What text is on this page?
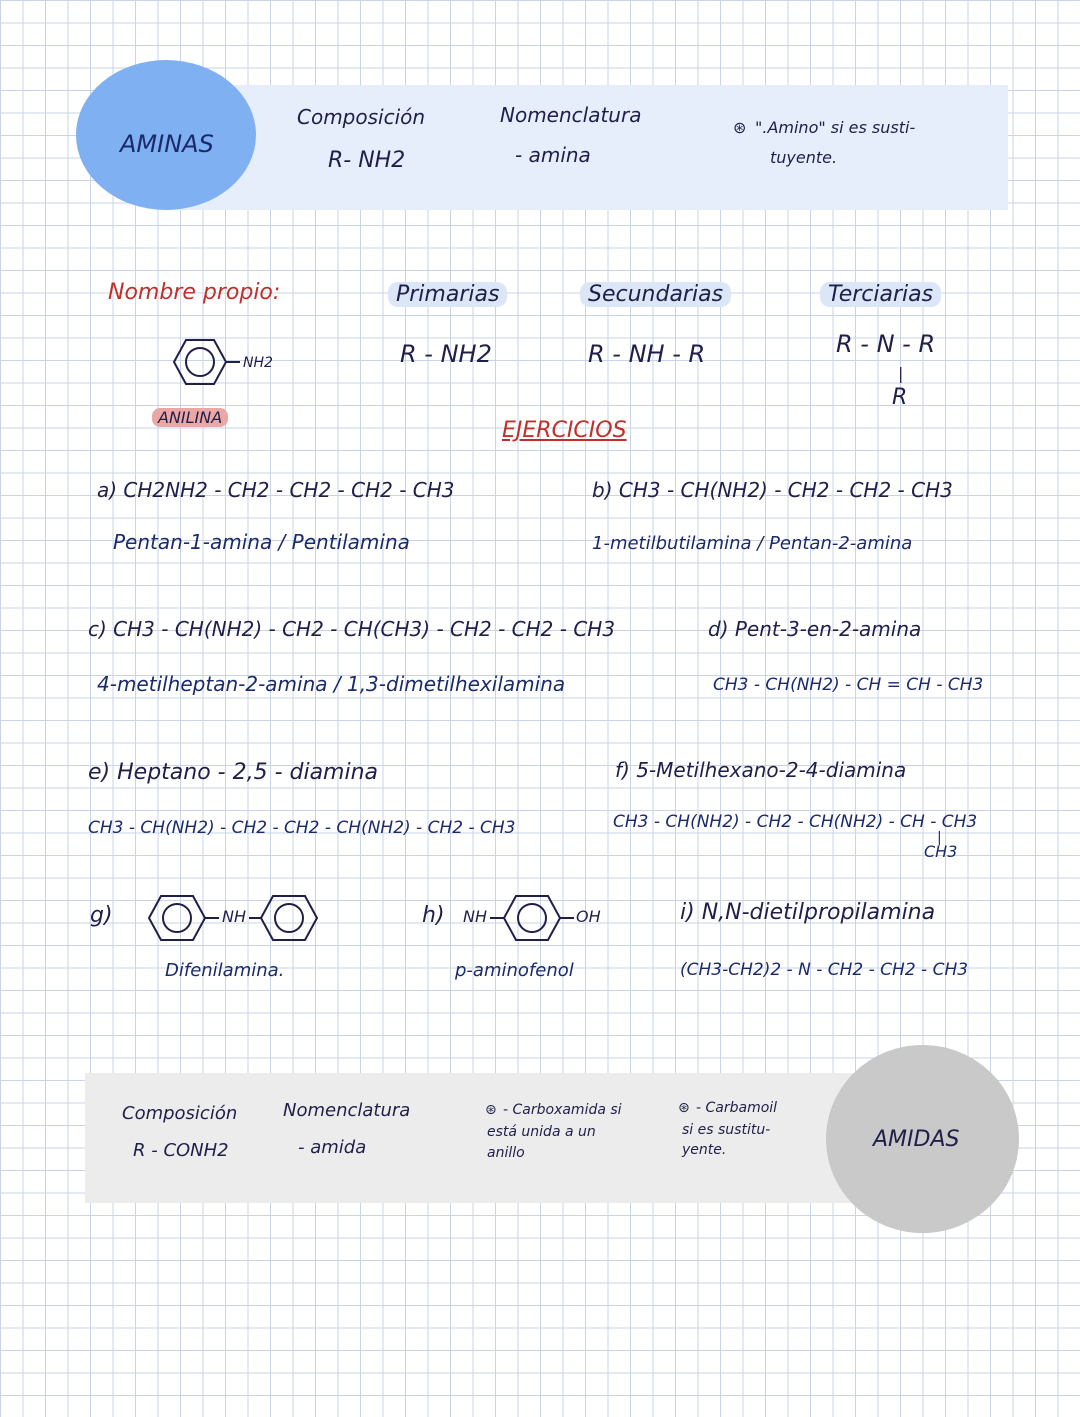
AMINAS
Composición
R- NH2
Nomenclatura
- amina
⊛ ".Amino" si es susti-
tuyente.
Nombre propio:
NH2
ANILINA
Primarias
R - NH2
Secundarias
R - NH - R
Terciarias
R - N - R
|
R
EJERCICIOS
a) CH2NH2 - CH2 - CH2 - CH2 - CH3
Pentan-1-amina / Pentilamina
b) CH3 - CH(NH2) - CH2 - CH2 - CH3
1-metilbutilamina / Pentan-2-amina
c) CH3 - CH(NH2) - CH2 - CH(CH3) - CH2 - CH2 - CH3
4-metilheptan-2-amina / 1,3-dimetilhexilamina
d) Pent-3-en-2-amina
CH3 - CH(NH2) - CH = CH - CH3
e) Heptano - 2,5 - diamina
CH3 - CH(NH2) - CH2 - CH2 - CH(NH2) - CH2 - CH3
f) 5-Metilhexano-2-4-diamina
CH3 - CH(NH2) - CH2 - CH(NH2) - CH - CH3
|
CH3
g)	NH
Difenilamina.
h) NH	OH
p-aminofenol
i) N,N-dietilpropilamina
(CH3-CH2)2 - N - CH2 - CH2 - CH3
AMIDAS
Composición
R - CONH2
Nomenclatura
- amida
⊛ - Carboxamida si
está unida a un
anillo
⊛ - Carbamoil
si es sustitu-
yente.
